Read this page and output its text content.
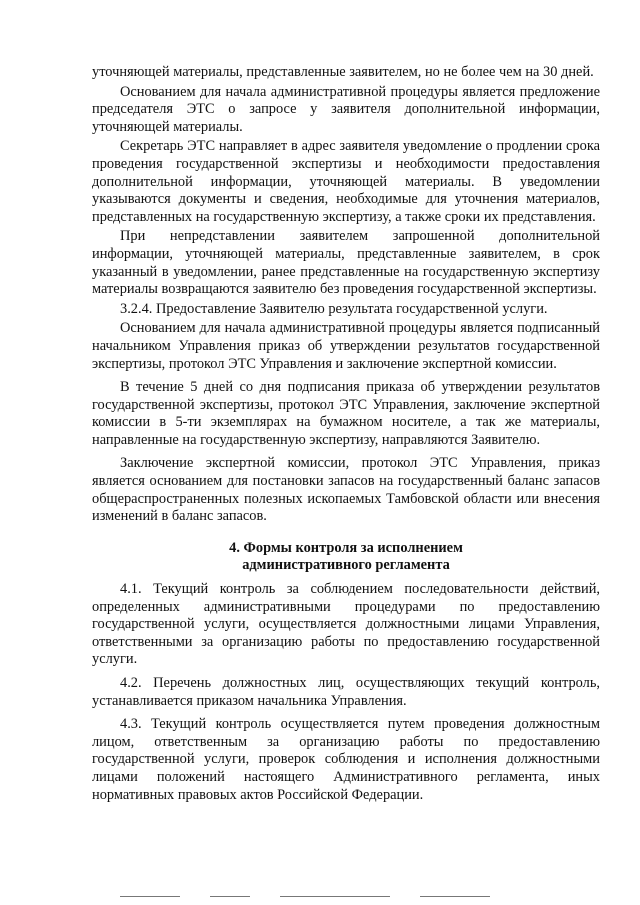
уточняющей материалы, представленные заявителем, но не более чем на 30 дней.

Основанием для начала административной процедуры является предложение председателя ЭТС о запросе у заявителя дополнительной информации, уточняющей материалы.

Секретарь ЭТС направляет в адрес заявителя уведомление о продлении срока проведения государственной экспертизы и необходимости предоставления дополнительной информации, уточняющей материалы. В уведомлении указываются документы и сведения, необходимые для уточнения материалов, представленных на государственную экспертизу, а также сроки их представления.

При непредставлении заявителем запрошенной дополнительной информации, уточняющей материалы, представленные заявителем, в срок указанный в уведомлении, ранее представленные на государственную экспертизу материалы возвращаются заявителю без проведения государственной экспертизы.

3.2.4. Предоставление Заявителю результата государственной услуги.

Основанием для начала административной процедуры является подписанный начальником Управления приказ об утверждении результатов государственной экспертизы, протокол ЭТС Управления и заключение экспертной комиссии.

В течение 5 дней со дня подписания приказа об утверждении результатов государственной экспертизы, протокол ЭТС Управления, заключение экспертной комиссии в 5-ти экземплярах на бумажном носителе, а так же материалы, направленные на государственную экспертизу, направляются Заявителю.

Заключение экспертной комиссии, протокол ЭТС Управления, приказ является основанием для постановки запасов на государственный баланс запасов общераспространенных полезных ископаемых Тамбовской области или внесения изменений в баланс запасов.

4. Формы контроля за исполнением
административного регламента

4.1. Текущий контроль за соблюдением последовательности действий, определенных административными процедурами по предоставлению государственной услуги, осуществляется должностными лицами Управления, ответственными за организацию работы по предоставлению государственной услуги.

4.2. Перечень должностных лиц, осуществляющих текущий контроль, устанавливается приказом начальника Управления.

4.3. Текущий контроль осуществляется путем проведения должностным лицом, ответственным за организацию работы по предоставлению государственной услуги, проверок соблюдения и исполнения должностными лицами положений настоящего Административного регламента, иных нормативных правовых актов Российской Федерации.
